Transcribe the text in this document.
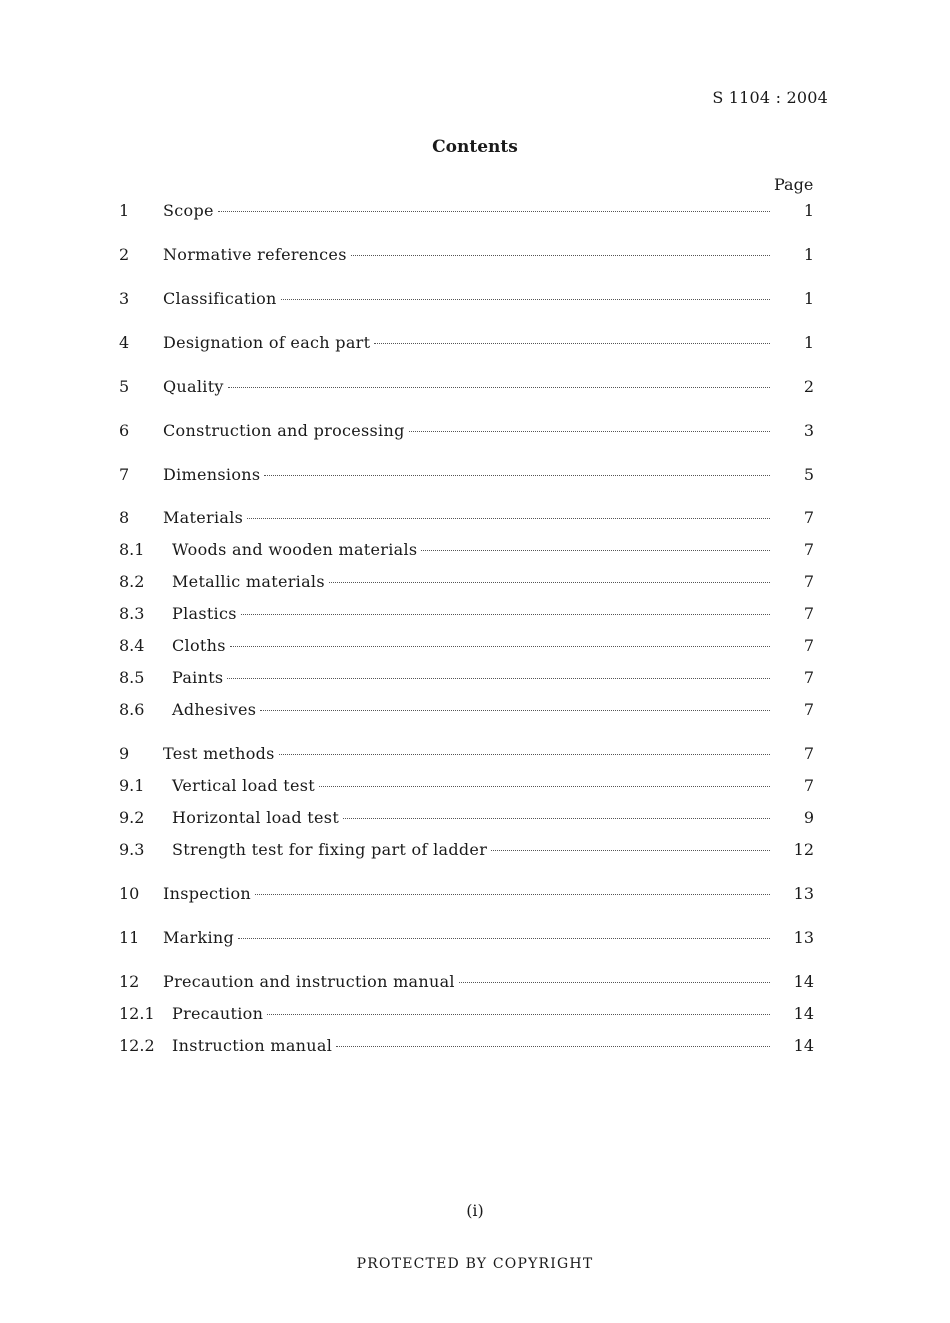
S 1104 : 2004
Contents
Page
1	Scope	1
2	Normative references	1
3	Classification	1
4	Designation of each part	1
5	Quality	2
6	Construction and processing	3
7	Dimensions	5
8	Materials	7
8.1	Woods and wooden materials	7
8.2	Metallic materials	7
8.3	Plastics	7
8.4	Cloths	7
8.5	Paints	7
8.6	Adhesives	7
9	Test methods	7
9.1	Vertical load test	7
9.2	Horizontal load test	9
9.3	Strength test for fixing part of ladder	12
10	Inspection	13
11	Marking	13
12	Precaution and instruction manual	14
12.1	Precaution	14
12.2	Instruction manual	14
(i)
PROTECTED BY COPYRIGHT
